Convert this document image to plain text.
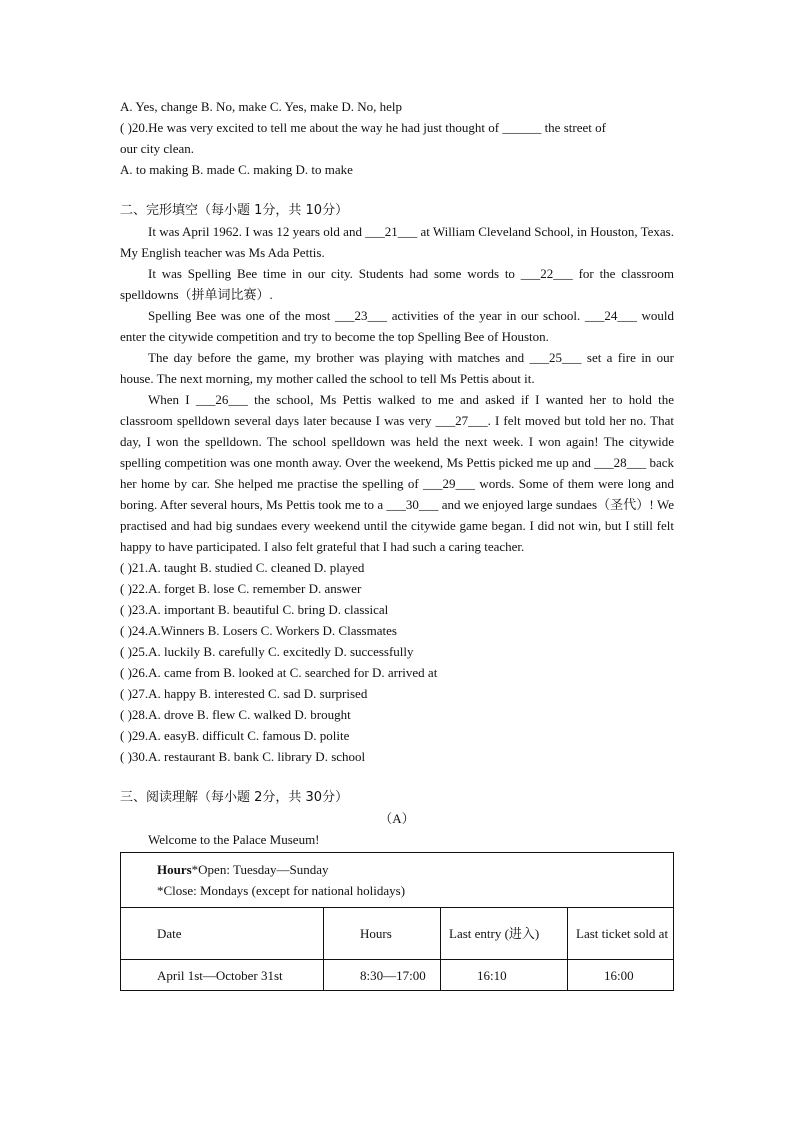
A. Yes, change B. No, make C. Yes, make D. No, help
( )20.He was very excited to tell me about the way he had just thought of ______ the street of
our city clean.
A. to making B. made C. making D. to make
二、完形填空（每小题 1分，共 10分）
It was April 1962. I was 12 years old and ___21___ at William Cleveland School, in Houston, Texas. My English teacher was Ms Ada Pettis.
It was Spelling Bee time in our city. Students had some words to ___22___ for the classroom spelldowns（拼单词比赛）.
Spelling Bee was one of the most ___23___ activities of the year in our school. ___24___ would enter the citywide competition and try to become the top Spelling Bee of Houston.
The day before the game, my brother was playing with matches and ___25___ set a fire in our house. The next morning, my mother called the school to tell Ms Pettis about it.
When I ___26___ the school, Ms Pettis walked to me and asked if I wanted her to hold the classroom spelldown several days later because I was very ___27___. I felt moved but told her no. That day, I won the spelldown. The school spelldown was held the next week. I won again! The citywide spelling competition was one month away. Over the weekend, Ms Pettis picked me up and ___28___ back her home by car. She helped me practise the spelling of ___29___ words. Some of them were long and boring. After several hours, Ms Pettis took me to a ___30___ and we enjoyed large sundaes（圣代）! We practised and had big sundaes every weekend until the citywide game began. I did not win, but I still felt happy to have participated. I also felt grateful that I had such a caring teacher.
( )21.A. taught B. studied C. cleaned D. played
( )22.A. forget B. lose C. remember D. answer
( )23.A. important B. beautiful C. bring D. classical
( )24.A.Winners B. Losers C. Workers D. Classmates
( )25.A. luckily B. carefully C. excitedly D. successfully
( )26.A. came from B. looked at C. searched for D. arrived at
( )27.A. happy B. interested C. sad D. surprised
( )28.A. drove B. flew C. walked D. brought
( )29.A. easyB. difficult C. famous D. polite
( )30.A. restaurant B. bank C. library D. school
三、阅读理解（每小题 2分，共 30分）
（A）
Welcome to the Palace Museum!
Hours*Open: Tuesday—Sunday
*Close: Mondays (except for national holidays)			

Date	Hours	Last entry (进入)	Last ticket sold at
April 1st—October 31st	8:30—17:00	16:10	16:00
